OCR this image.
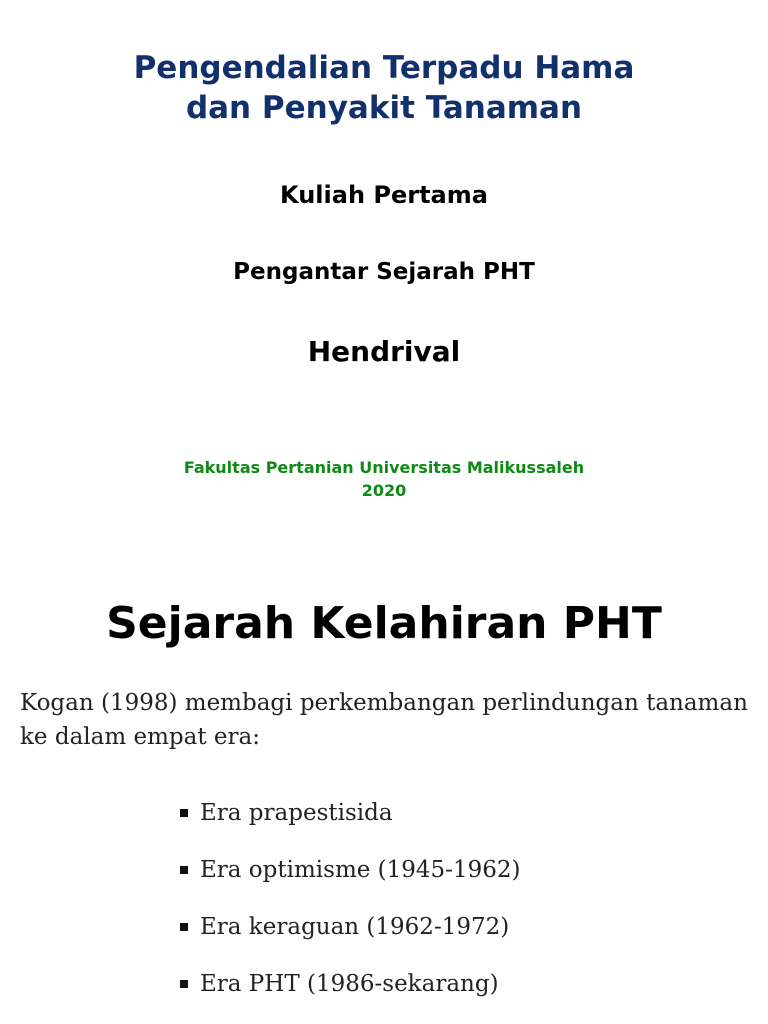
Pengendalian Terpadu Hama
dan Penyakit Tanaman
Kuliah Pertama
Pengantar Sejarah PHT
Hendrival
Fakultas Pertanian Universitas Malikussaleh
2020
Sejarah Kelahiran PHT

Kogan (1998) membagi perkembangan perlindungan tanaman ke dalam empat era:

Era prapestisida
Era optimisme (1945-1962)
Era keraguan (1962-1972)
Era PHT (1986-sekarang)
